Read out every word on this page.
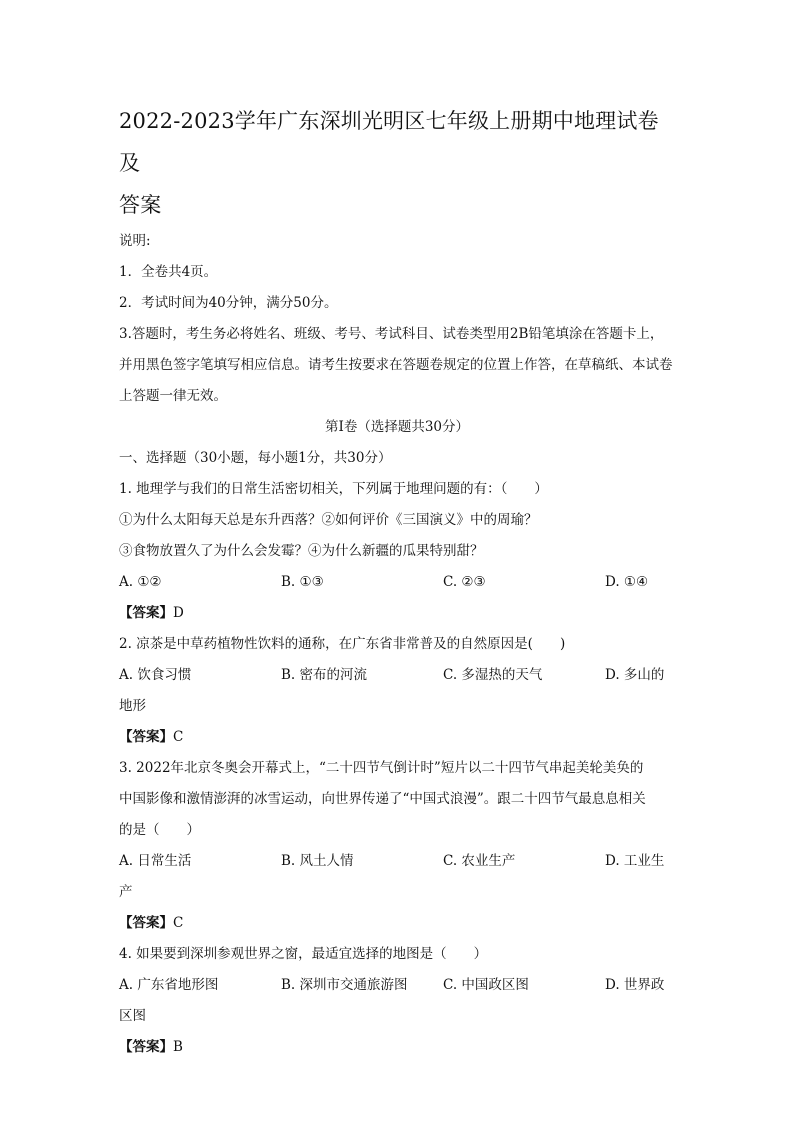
2022-2023学年广东深圳光明区七年级上册期中地理试卷及

答案

说明:

1．全卷共4页。

2．考试时间为40分钟，满分50分。

3.答题时，考生务必将姓名、班级、考号、考试科目、试卷类型用2B铅笔填涂在答题卡上，并用黑色签字笔填写相应信息。请考生按要求在答题卷规定的位置上作答，在草稿纸、本试卷上答题一律无效。

第Ⅰ卷（选择题共30分）

一、选择题（30小题，每小题1分，共30分）

1. 地理学与我们的日常生活密切相关，下列属于地理问题的有：（　　）

①为什么太阳每天总是东升西落？②如何评价《三国演义》中的周瑜？

③食物放置久了为什么会发霉？④为什么新疆的瓜果特别甜？

A. ①②	B. ①③	C. ②③	D. ①④

【答案】D

2. 凉茶是中草药植物性饮料的通称，在广东省非常普及的自然原因是(　　)

A. 饮食习惯	B. 密布的河流	C. 多湿热的天气	D. 多山的

地形

【答案】C

3. 2022年北京冬奥会开幕式上，“二十四节气倒计时”短片以二十四节气串起美轮美奂的

中国影像和激情澎湃的冰雪运动，向世界传递了“中国式浪漫”。跟二十四节气最息息相关

的是（　　）

A. 日常生活	B. 风土人情	C. 农业生产	D. 工业生

产

【答案】C

4. 如果要到深圳参观世界之窗，最适宜选择的地图是（　　）

A. 广东省地形图	B. 深圳市交通旅游图	C. 中国政区图	D. 世界政

区图

【答案】B
